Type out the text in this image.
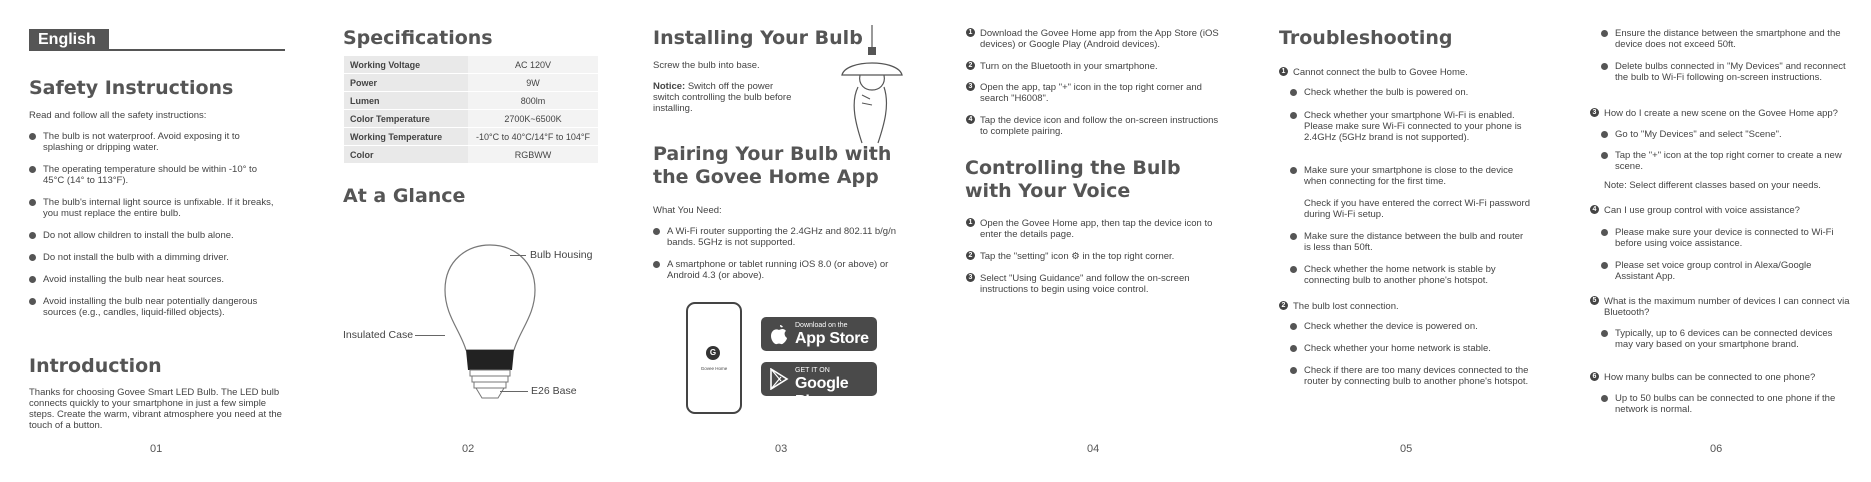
English
Safety Instructions

Read and follow all the safety instructions:

The bulb is not waterproof. Avoid exposing it to splashing or dripping water.
The operating temperature should be within -10° to 45°C (14° to 113°F).
The bulb's internal light source is unfixable. If it breaks, you must replace the entire bulb.
Do not allow children to install the bulb alone.
Do not install the bulb with a dimming driver.
Avoid installing the bulb near heat sources.
Avoid installing the bulb near potentially dangerous sources (e.g., candles, liquid-filled objects).
Introduction

Thanks for choosing Govee Smart LED Bulb. The LED bulb connects quickly to your smartphone in just a few simple steps. Create the warm, vibrant atmosphere you need at the touch of a button.

01
Specifications
Working Voltage	AC 120V
Power	9W
Lumen	800lm
Color Temperature	2700K~6500K
Working Temperature	-10°C to 40°C/14°F to 104°F
Color	RGBWW
At a Glance
Bulb Housing
Insulated Case
E26 Base
02
Installing Your Bulb

Screw the bulb into base.

Notice: Switch off the power switch controlling the bulb before installing.

Pairing Your Bulb with the Govee Home App

What You Need:

A Wi-Fi router supporting the 2.4GHz and 802.11 b/g/n bands. 5GHz is not supported.
A smartphone or tablet running iOS 8.0 (or above) or Android 4.3 (or above).
G
Govee Home
Download on the
App Store
GET IT ON
Google Play
03
1 Download the Govee Home app from the App Store (iOS devices) or Google Play (Android devices).
2 Turn on the Bluetooth in your smartphone.
3 Open the app, tap "+" icon in the top right corner and search "H6008".
4 Tap the device icon and follow the on-screen instructions to complete pairing.
Controlling the Bulb with Your Voice
1 Open the Govee Home app, then tap the device icon to enter the details page.
2 Tap the "setting" icon ⚙ in the top right corner.
3 Select "Using Guidance" and follow the on-screen instructions to begin using voice control.
04
Troubleshooting
1 Cannot connect the bulb to Govee Home.
Check whether the bulb is powered on.
Check whether your smartphone Wi-Fi is enabled. Please make sure Wi-Fi connected to your phone is 2.4GHz (5GHz brand is not supported).
Make sure your smartphone is close to the device when connecting for the first time.

Check if you have entered the correct Wi-Fi password during Wi-Fi setup.

Make sure the distance between the bulb and router is less than 50ft.
Check whether the home network is stable by connecting bulb to another phone's hotspot.
2 The bulb lost connection.
Check whether the device is powered on.
Check whether your home network is stable.
Check if there are too many devices connected to the router by connecting bulb to another phone's hotspot.
05
Ensure the distance between the smartphone and the device does not exceed 50ft.
Delete bulbs connected in "My Devices" and reconnect the bulb to Wi-Fi following on-screen instructions.
3 How do I create a new scene on the Govee Home app?
Go to "My Devices" and select "Scene".
Tap the "+" icon at the top right corner to create a new scene.

Note: Select different classes based on your needs.

4 Can I use group control with voice assistance?
Please make sure your device is connected to Wi-Fi before using voice assistance.
Please set voice group control in Alexa/Google Assistant App.
5 What is the maximum number of devices I can connect via Bluetooth?
Typically, up to 6 devices can be connected devices may vary based on your smartphone brand.
6 How many bulbs can be connected to one phone?
Up to 50 bulbs can be connected to one phone if the network is normal.
06
